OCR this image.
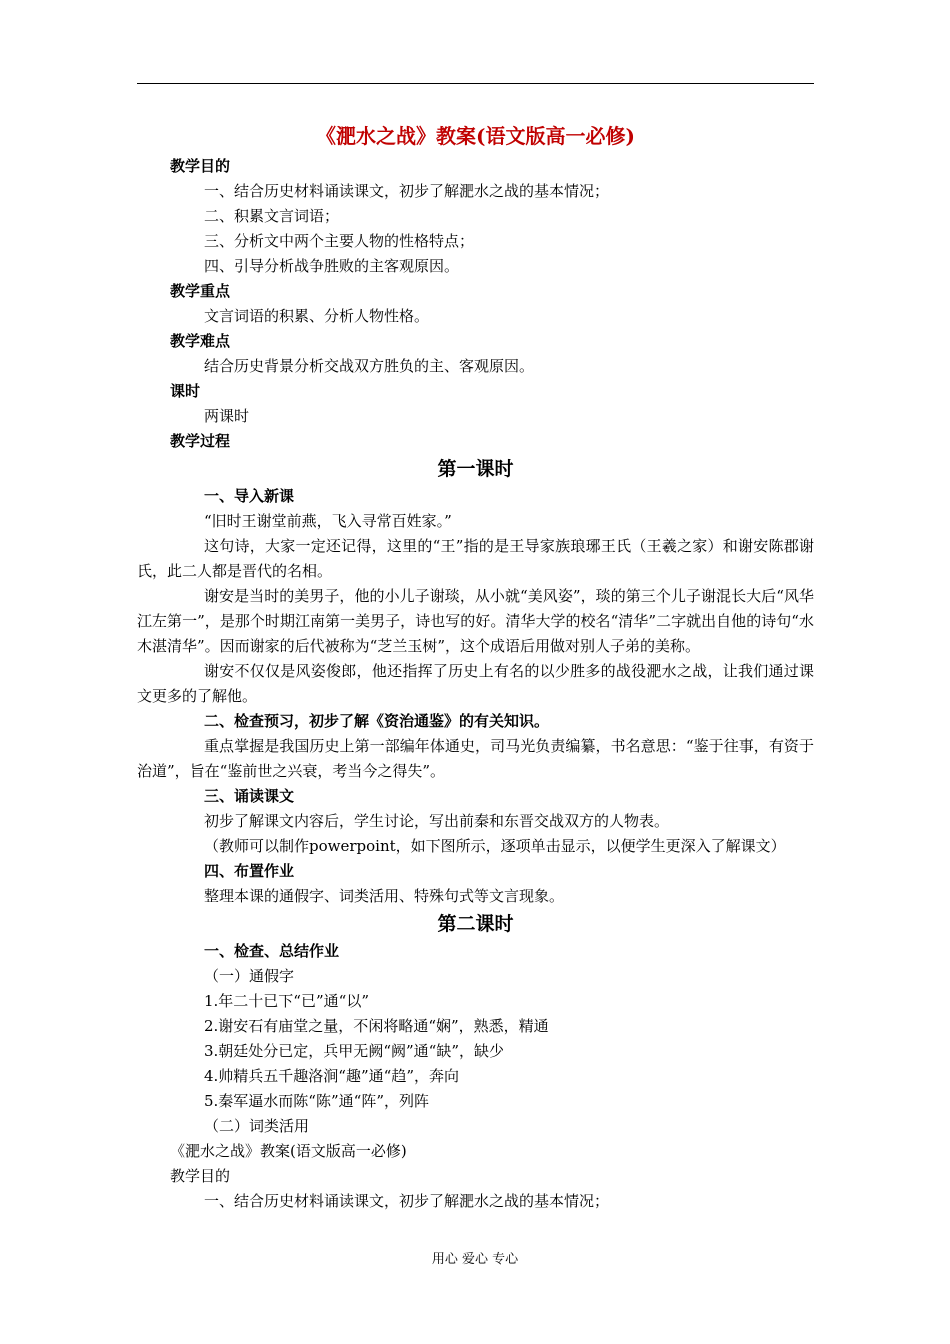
《淝水之战》教案(语文版高一必修)
教学目的
一、结合历史材料诵读课文，初步了解淝水之战的基本情况；
二、积累文言词语；
三、分析文中两个主要人物的性格特点；
四、引导分析战争胜败的主客观原因。
教学重点
文言词语的积累、分析人物性格。
教学难点
结合历史背景分析交战双方胜负的主、客观原因。
课时
两课时
教学过程
第一课时
一、导入新课
“旧时王谢堂前燕，飞入寻常百姓家。”
这句诗，大家一定还记得，这里的“王”指的是王导家族琅琊王氏（王羲之家）和谢安陈郡谢氏，此二人都是晋代的名相。
谢安是当时的美男子，他的小儿子谢琰，从小就“美风姿”，琰的第三个儿子谢混长大后“风华江左第一”，是那个时期江南第一美男子，诗也写的好。清华大学的校名“清华”二字就出自他的诗句“水木湛清华”。因而谢家的后代被称为“芝兰玉树”，这个成语后用做对别人子弟的美称。
谢安不仅仅是风姿俊郎，他还指挥了历史上有名的以少胜多的战役淝水之战，让我们通过课文更多的了解他。
二、检查预习，初步了解《资治通鉴》的有关知识。
重点掌握是我国历史上第一部编年体通史，司马光负责编纂，书名意思：“鉴于往事，有资于治道”，旨在“鉴前世之兴衰，考当今之得失”。
三、诵读课文
初步了解课文内容后，学生讨论，写出前秦和东晋交战双方的人物表。
（教师可以制作powerpoint，如下图所示，逐项单击显示，以便学生更深入了解课文）
四、布置作业
整理本课的通假字、词类活用、特殊句式等文言现象。
第二课时
一、检查、总结作业
（一）通假字
1.年二十已下“已”通“以”
2.谢安石有庙堂之量，不闲将略通“娴”，熟悉，精通
3.朝廷处分已定，兵甲无阙“阙”通“缺”，缺少
4.帅精兵五千趣洛涧“趣”通“趋”，奔向
5.秦军逼水而陈“陈”通“阵”，列阵
（二）词类活用
《淝水之战》教案(语文版高一必修)
教学目的
一、结合历史材料诵读课文，初步了解淝水之战的基本情况；
用心 爱心 专心
